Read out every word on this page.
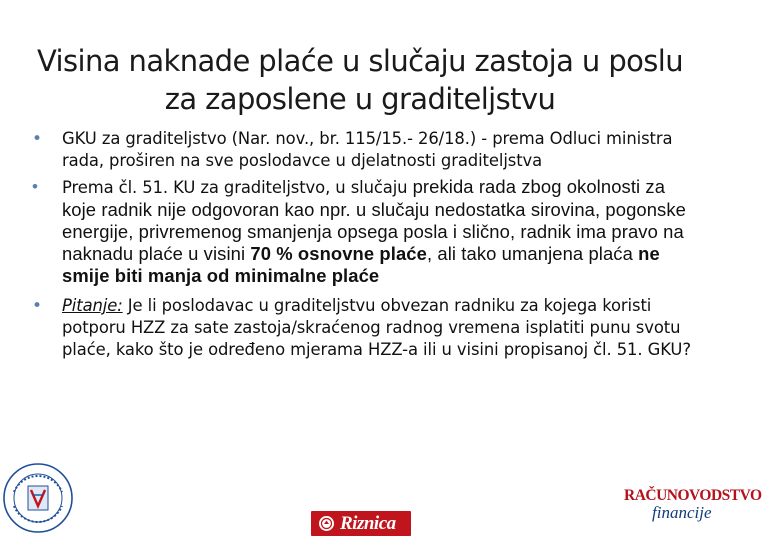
Visina naknade plaće u slučaju zastoja u poslu
za zaposlene u graditeljstvu
• GKU za graditeljstvo (Nar. nov., br. 115/15.- 26/18.) - prema Odluci ministra rada, proširen na sve poslodavce u djelatnosti graditeljstva
• Prema čl. 51. KU za graditeljstvo, u slučaju prekida rada zbog okolnosti za koje radnik nije odgovoran kao npr. u slučaju nedostatka sirovina, pogonske energije, privremenog smanjenja opsega posla i slično, radnik ima pravo na naknadu plaće u visini 70 % osnovne plaće, ali tako umanjena plaća ne smije biti manja od minimalne plaće
• Pitanje: Je li poslodavac u graditeljstvu obvezan radniku za kojega koristi potporu HZZ za sate zastoja/skraćenog radnog vremena isplatiti punu svotu plaće, kako što je određeno mjerama HZZ-a ili u visini propisanoj čl. 51. GKU?
Riznica
RAČUNOVODSTVO
financije
